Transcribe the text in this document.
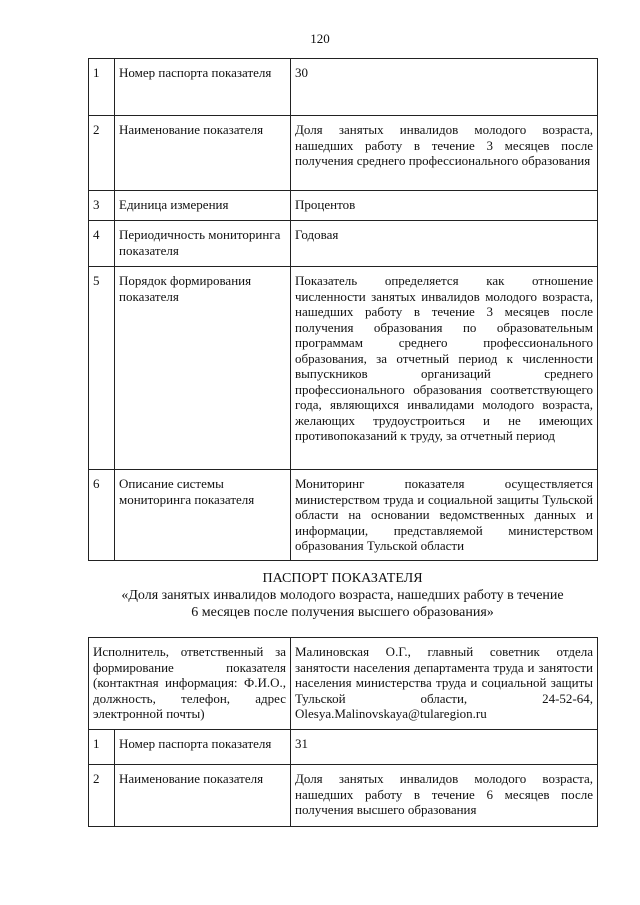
120
1	Номер паспорта показателя	30
2	Наименование показателя	Доля занятых инвалидов молодого возраста, нашедших работу в течение 3 месяцев после получения среднего профессионального образования
3	Единица измерения	Процентов
4	Периодичность мониторинга показателя	Годовая
5	Порядок формирования показателя	Показатель определяется как отношение численности занятых инвалидов молодого возраста, нашедших работу в течение 3 месяцев после получения образования по образовательным программам среднего профессионального образования, за отчетный период к численности выпускников организаций среднего профессионального образования соответствующего года, являющихся инвалидами молодого возраста, желающих трудоустроиться и не имеющих противопоказаний к труду, за отчетный период
6	Описание системы мониторинга показателя	Мониторинг показателя осуществляется министерством труда и социальной защиты Тульской области на основании ведомственных данных и информации, представляемой министерством образования Тульской области
ПАСПОРТ ПОКАЗАТЕЛЯ
«Доля занятых инвалидов молодого возраста, нашедших работу в течение
6 месяцев после получения высшего образования»
Исполнитель, ответственный за формирование показателя (контактная информация: Ф.И.О., должность, телефон, адрес электронной почты)		Малиновская О.Г., главный советник отдела занятости населения департамента труда и занятости населения министерства труда и социальной защиты Тульской области, 24-52-64, Olesya.Malinovskaya@tularegion.ru
1	Номер паспорта показателя	31
2	Наименование показателя	Доля занятых инвалидов молодого возраста, нашедших работу в течение 6 месяцев после получения высшего образования
